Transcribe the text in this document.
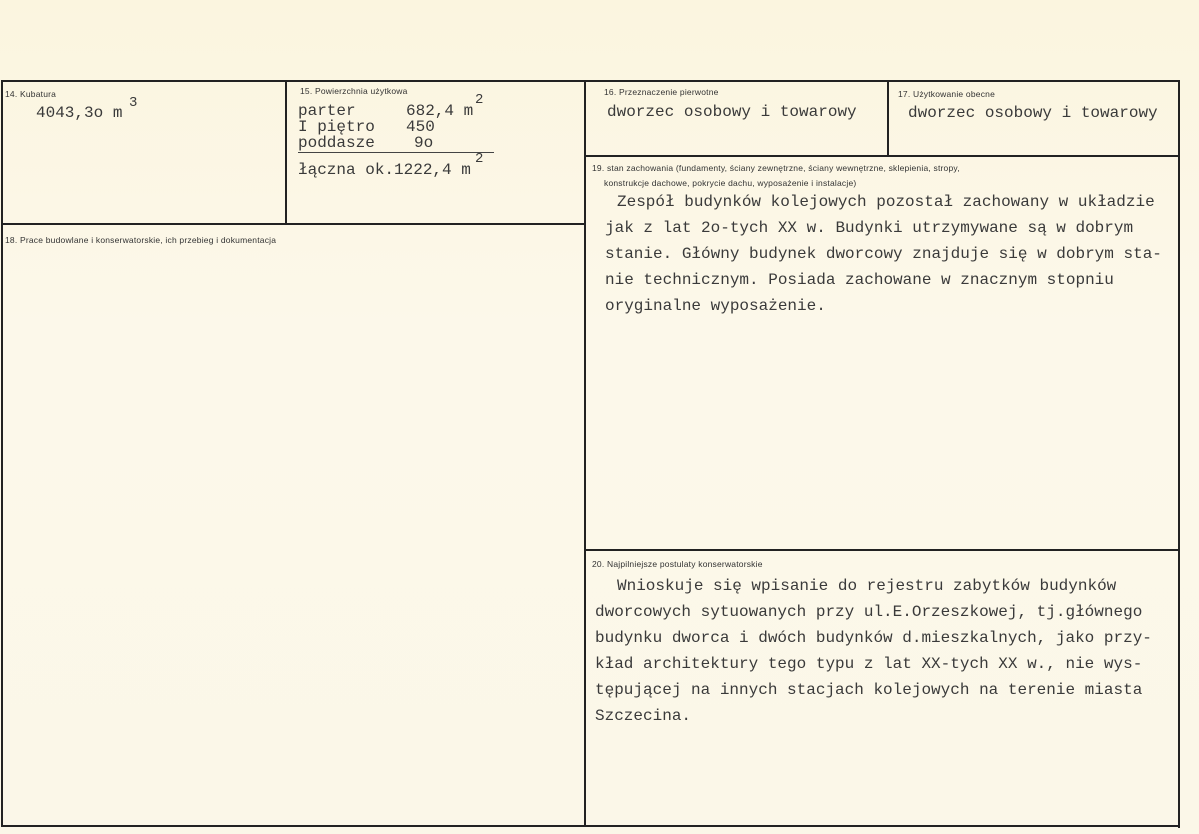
14. Kubatura
4043,3o m
3
15. Powierzchnia użytkowa
parter	682,4 m
2
I piętro 450
poddasze 9o
łączna ok.1222,4 m
2
16. Przeznaczenie pierwotne
dworzec osobowy i towarowy
17. Użytkowanie obecne
dworzec osobowy i towarowy
18. Prace budowlane i konserwatorskie, ich przebieg i dokumentacja
19. stan zachowania (fundamenty, ściany zewnętrzne, ściany wewnętrzne, sklepienia, stropy,
konstrukcje dachowe, pokrycie dachu, wyposażenie i instalacje)
Zespół budynków kolejowych pozostał zachowany w układzie
jak z lat 2o-tych XX w. Budynki utrzymywane są w dobrym
stanie. Główny budynek dworcowy znajduje się w dobrym sta-
nie technicznym. Posiada zachowane w znacznym stopniu
oryginalne wyposażenie.
20. Najpilniejsze postulaty konserwatorskie
Wnioskuje się wpisanie do rejestru zabytków budynków
dworcowych sytuowanych przy ul.E.Orzeszkowej, tj.głównego
budynku dworca i dwóch budynków d.mieszkalnych, jako przy-
kład architektury tego typu z lat XX-tych XX w., nie wys-
tępującej na innych stacjach kolejowych na terenie miasta
Szczecina.
